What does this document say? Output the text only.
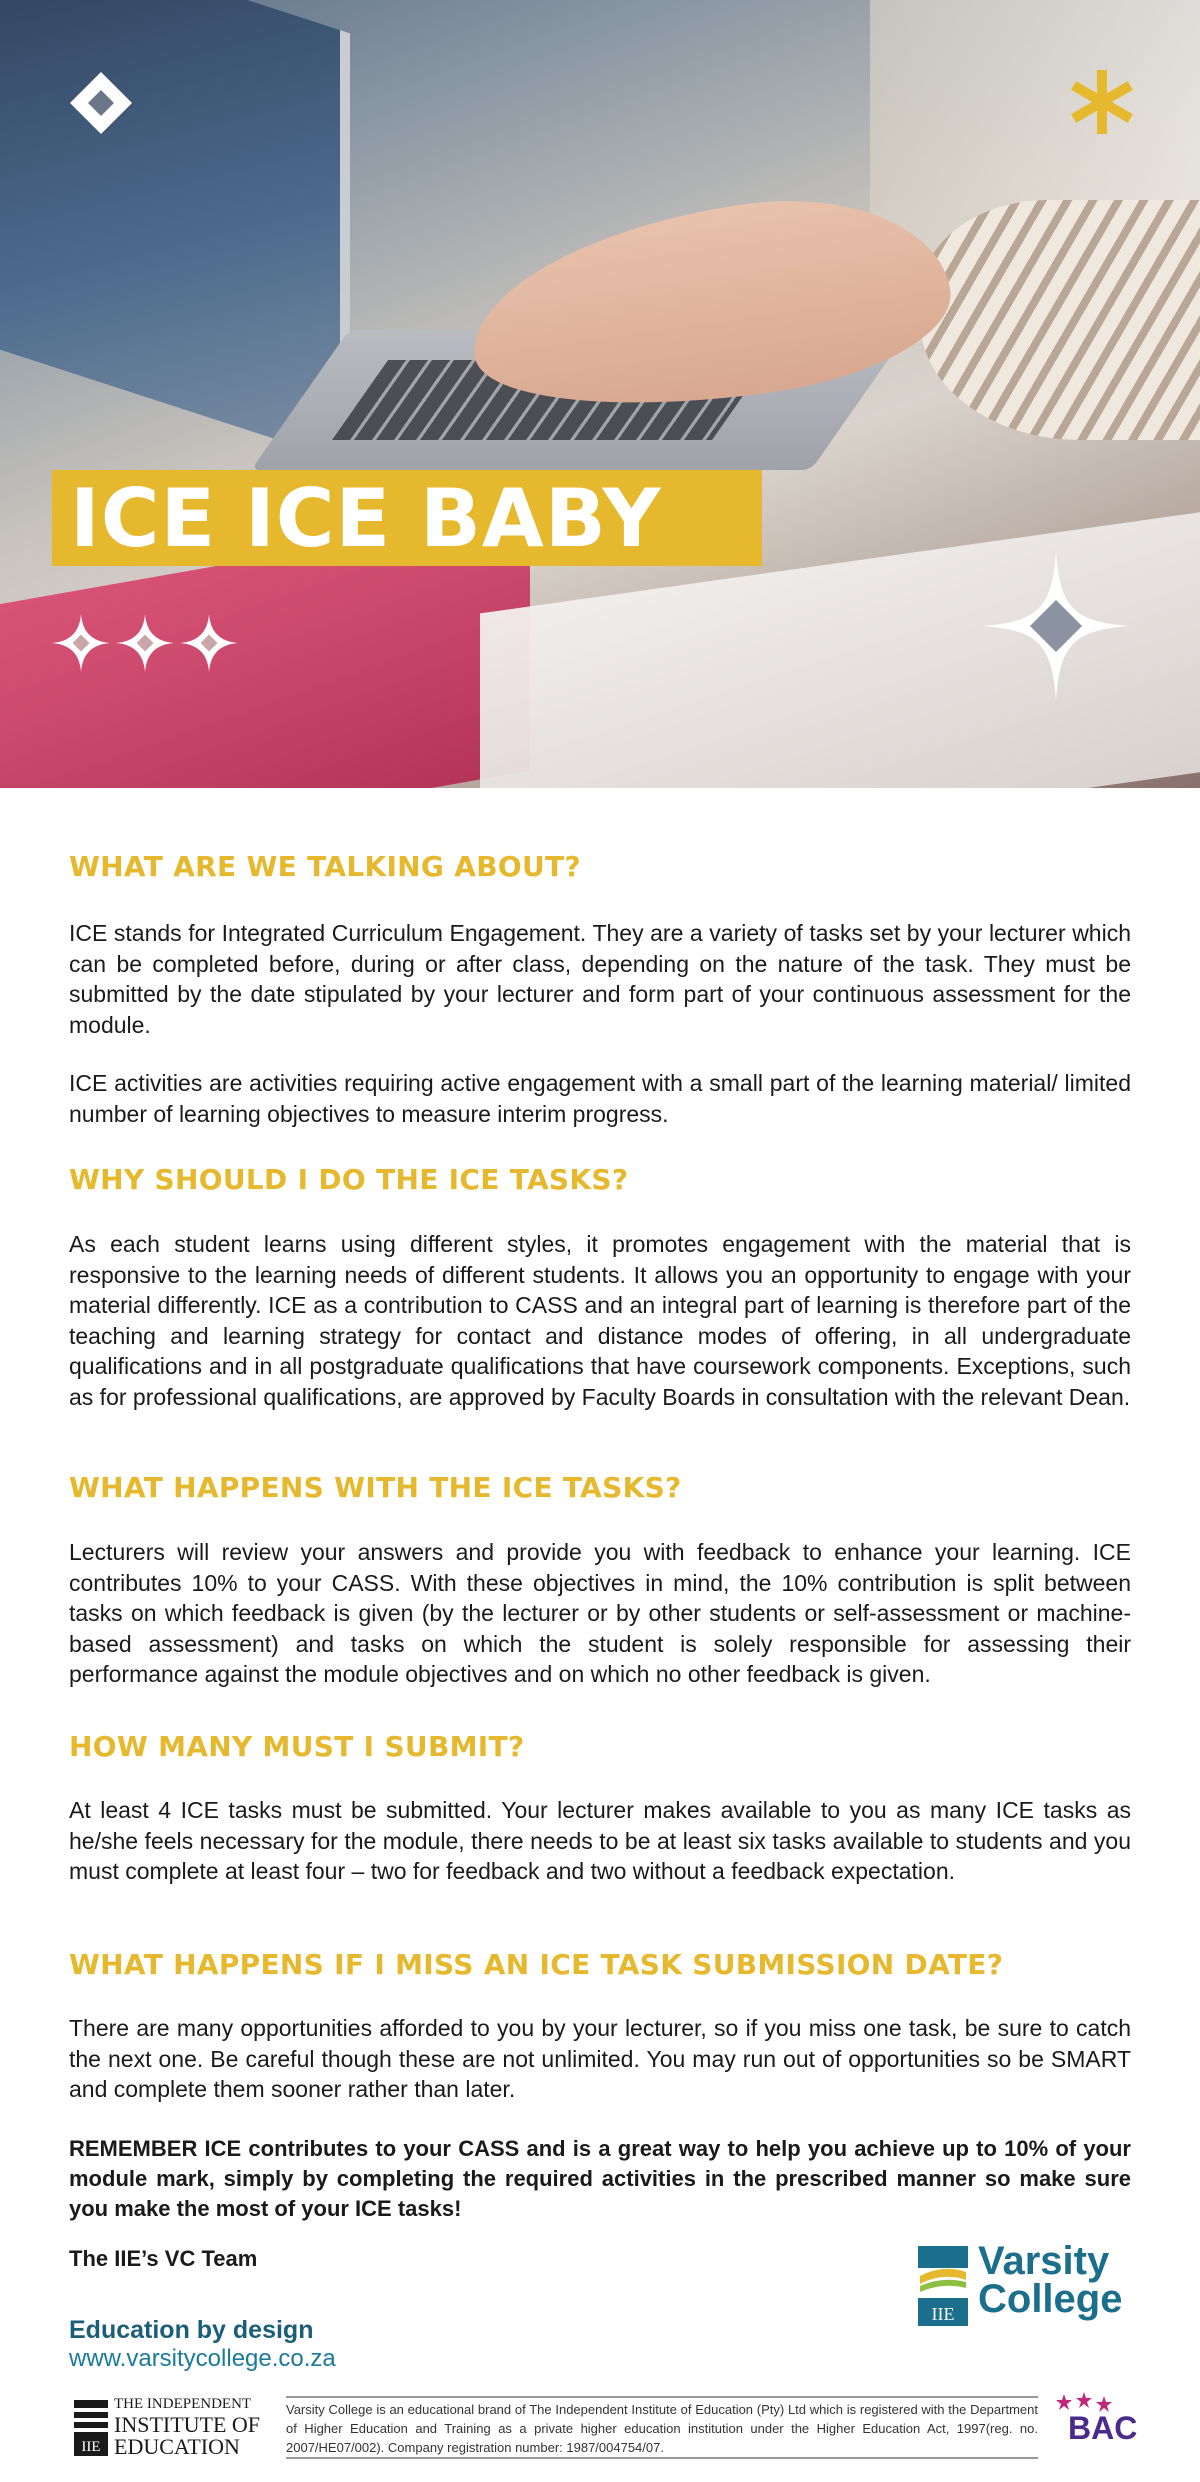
ICE ICE BABY
WHAT ARE WE TALKING ABOUT?

ICE stands for Integrated Curriculum Engagement. They are a variety of tasks set by your lecturer which can be completed before, during or after class, depending on the nature of the task. They must be submitted by the date stipulated by your lecturer and form part of your continuous assessment for the module.

ICE activities are activities requiring active engagement with a small part of the learning material/ limited number of learning objectives to measure interim progress.

WHY SHOULD I DO THE ICE TASKS?

As each student learns using different styles, it promotes engagement with the material that is responsive to the learning needs of different students. It allows you an opportunity to engage with your material differently. ICE as a contribution to CASS and an integral part of learning is therefore part of the teaching and learning strategy for contact and distance modes of offering, in all undergraduate qualifications and in all postgraduate qualifications that have coursework components. Exceptions, such as for professional qualifications, are approved by Faculty Boards in consultation with the relevant Dean.

WHAT HAPPENS WITH THE ICE TASKS?

Lecturers will review your answers and provide you with feedback to enhance your learning. ICE contributes 10% to your CASS. With these objectives in mind, the 10% contribution is split between tasks on which feedback is given (by the lecturer or by other students or self-assessment or machine-based assessment) and tasks on which the student is solely responsible for assessing their performance against the module objectives and on which no other feedback is given.

HOW MANY MUST I SUBMIT?

At least 4 ICE tasks must be submitted. Your lecturer makes available to you as many ICE tasks as he/she feels necessary for the module, there needs to be at least six tasks available to students and you must complete at least four – two for feedback and two without a feedback expectation.

WHAT HAPPENS IF I MISS AN ICE TASK SUBMISSION DATE?

There are many opportunities afforded to you by your lecturer, so if you miss one task, be sure to catch the next one. Be careful though these are not unlimited. You may run out of opportunities so be SMART and complete them sooner rather than later.

REMEMBER ICE contributes to your CASS and is a great way to help you achieve up to 10% of your module mark, simply by completing the required activities in the prescribed manner so make sure you make the most of your ICE tasks!

The IIE’s VC Team
Education by design
www.varsitycollege.co.za
IIE
Varsity
College
IIE
THE INDEPENDENT
INSTITUTE OF
EDUCATION
Varsity College is an educational brand of The Independent Institute of Education (Pty) Ltd which is registered with the Department of Higher Education and Training as a private higher education institution under the Higher Education Act, 1997(reg. no. 2007/HE07/002). Company registration number: 1987/004754/07.
BAC
